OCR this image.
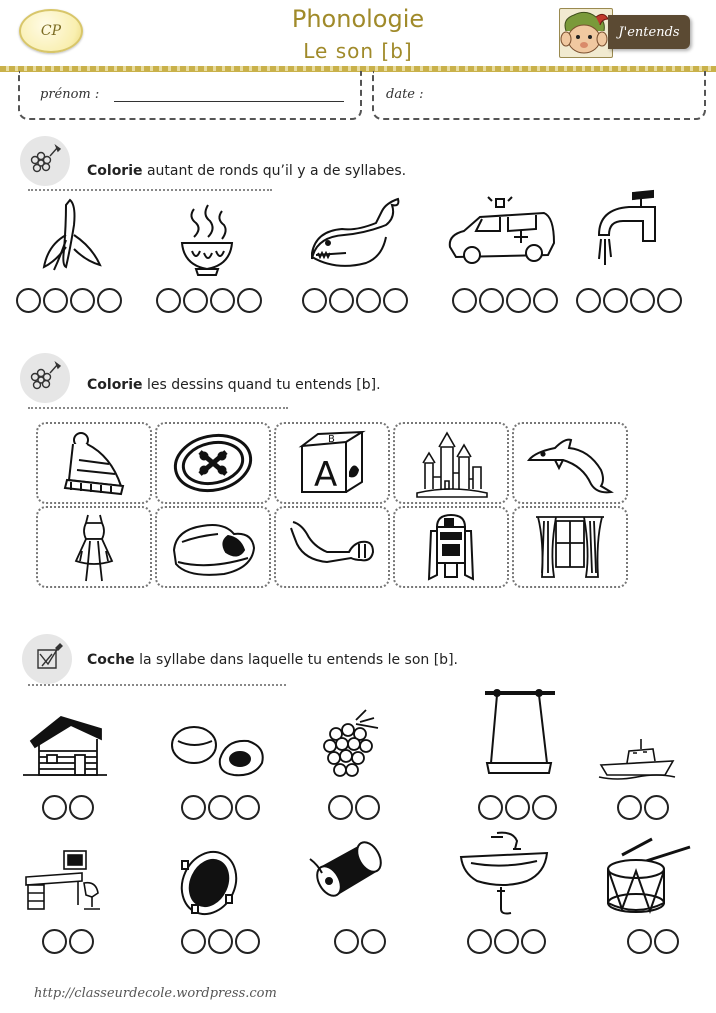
CP	Phonologie
Le son [b]
J'entends
prénom :	date :
Colorie autant de ronds qu’il y a de syllabes.
Colorie les dessins quand tu entends [b].
A
B
Coche la syllabe dans laquelle tu entends le son [b].
http://classeurdecole.wordpress.com
